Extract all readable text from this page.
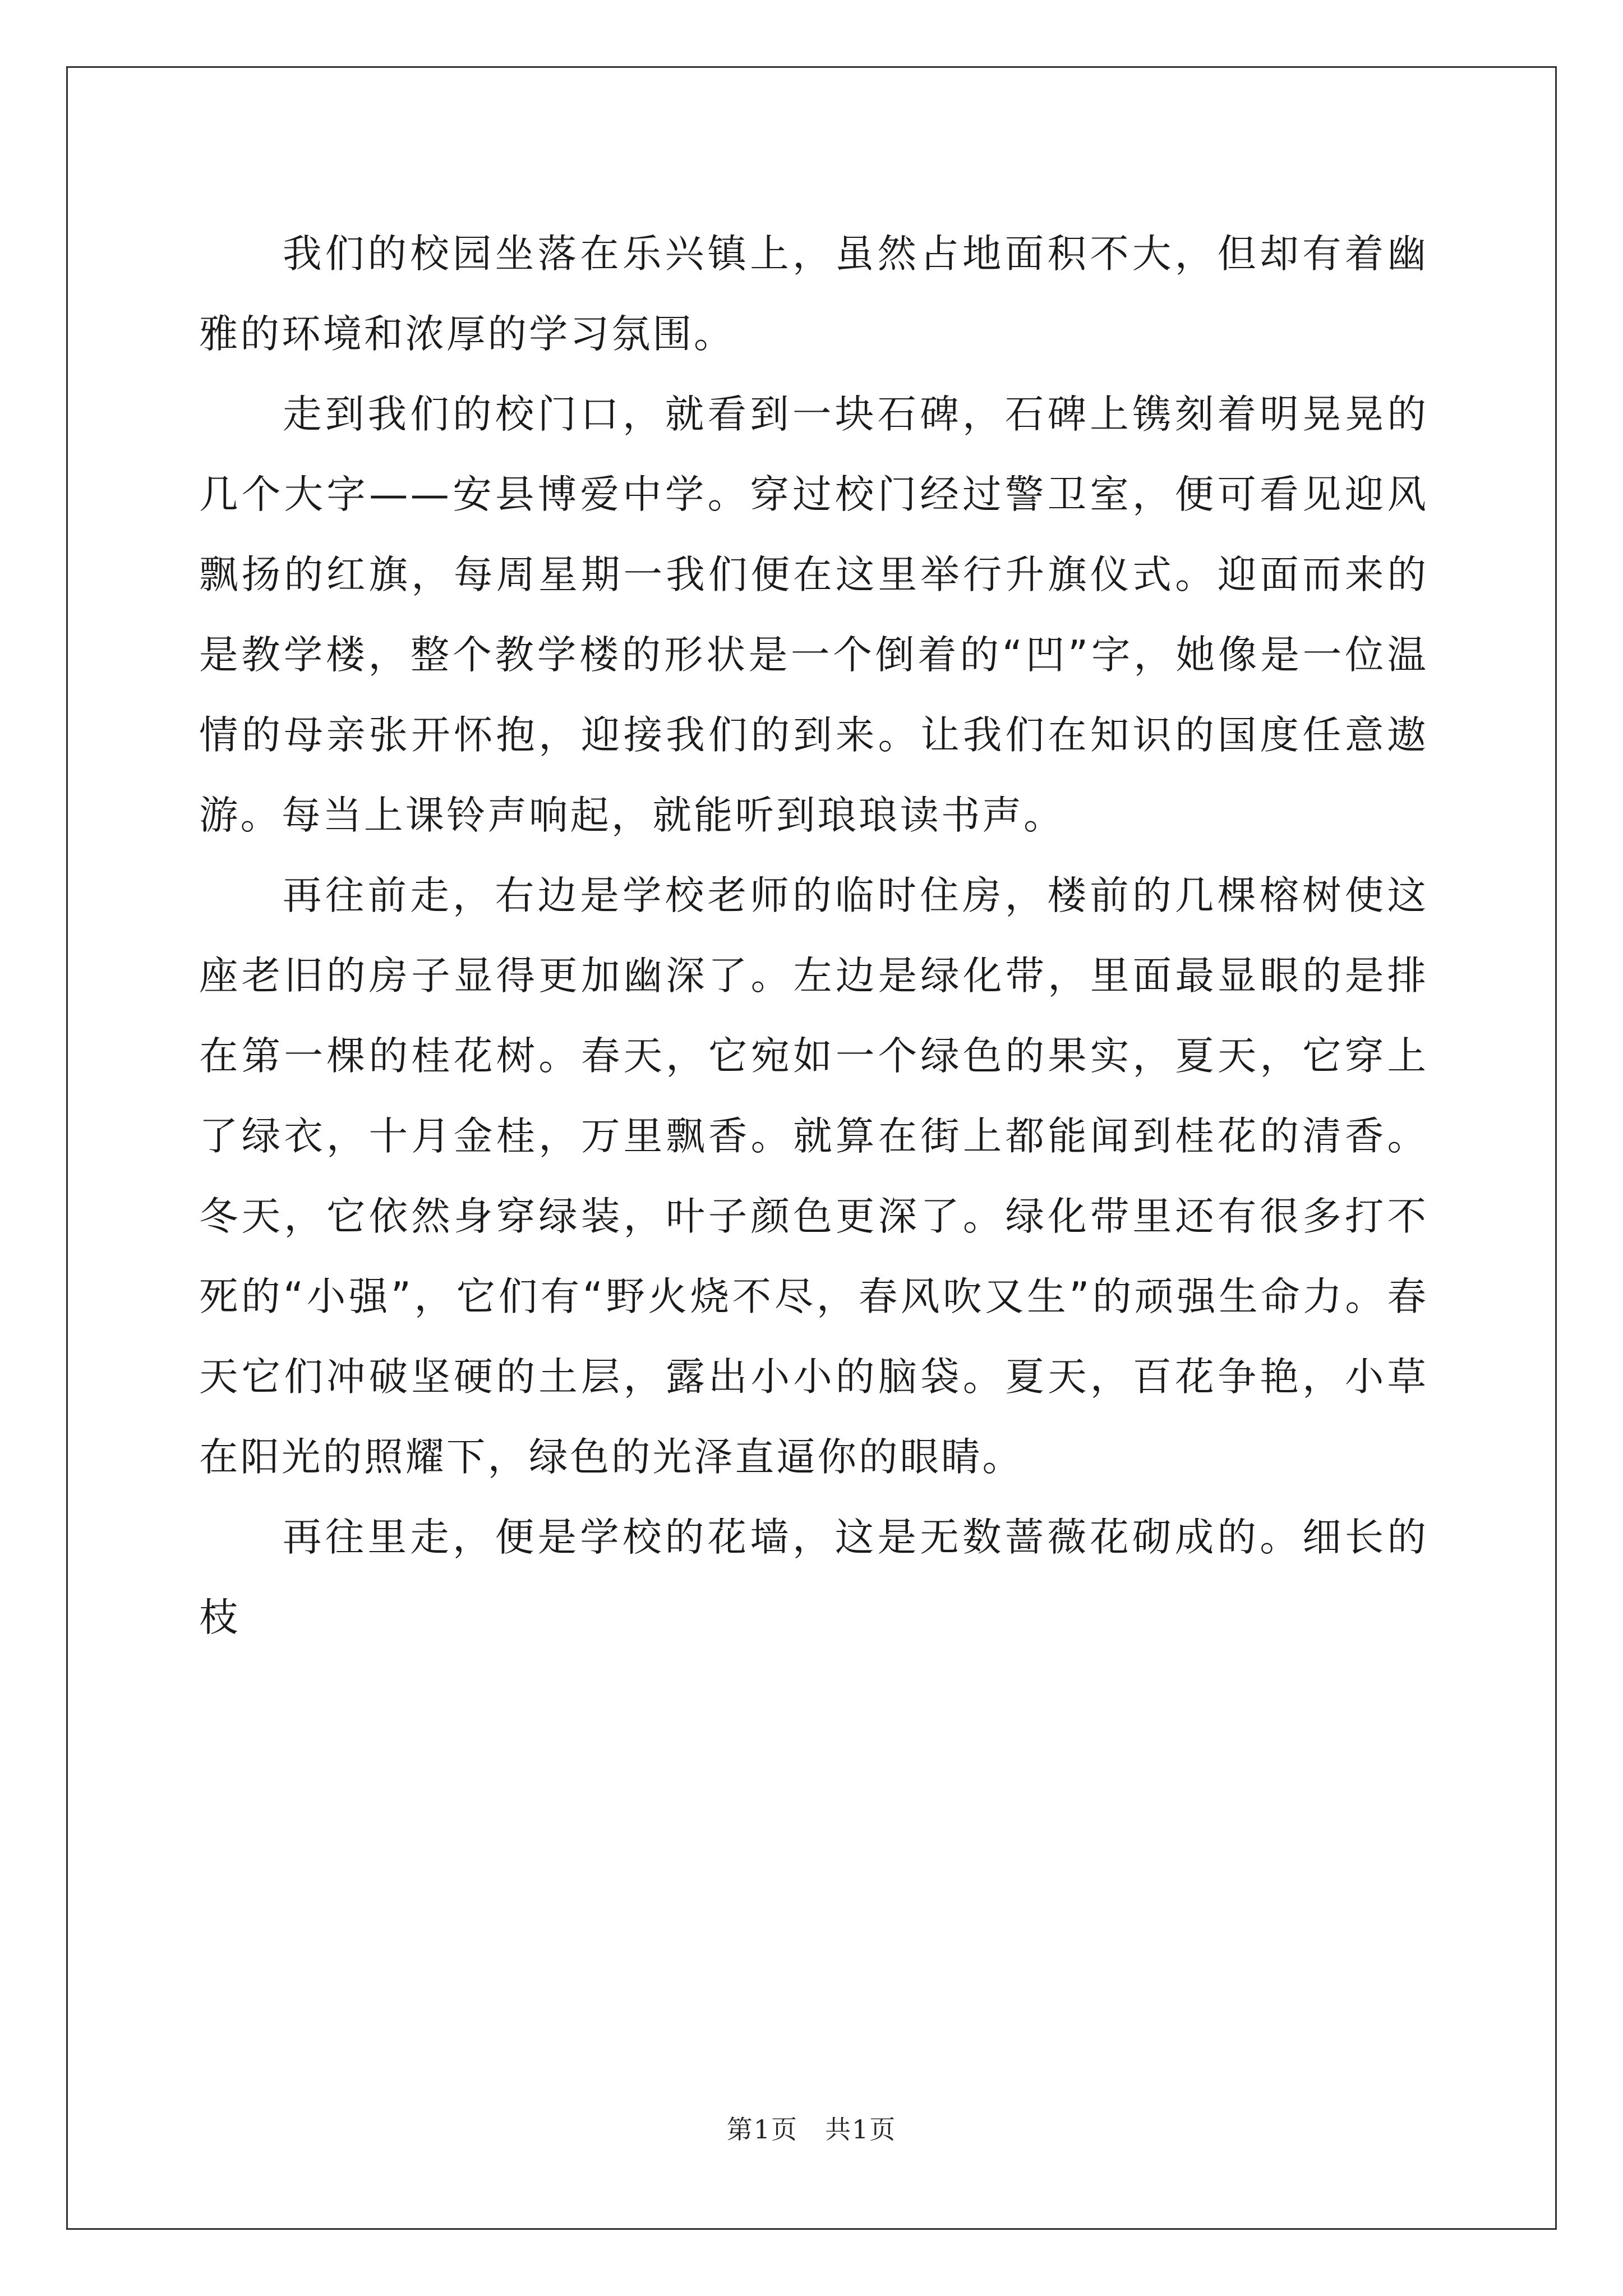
我们的校园坐落在乐兴镇上，虽然占地面积不大，但却有着幽雅的环境和浓厚的学习氛围。

走到我们的校门口，就看到一块石碑，石碑上镌刻着明晃晃的几个大字——安县博爱中学。穿过校门经过警卫室，便可看见迎风飘扬的红旗，每周星期一我们便在这里举行升旗仪式。迎面而来的是教学楼，整个教学楼的形状是一个倒着的“凹”字，她像是一位温情的母亲张开怀抱，迎接我们的到来。让我们在知识的国度任意遨游。每当上课铃声响起，就能听到琅琅读书声。

再往前走，右边是学校老师的临时住房，楼前的几棵榕树使这座老旧的房子显得更加幽深了。左边是绿化带，里面最显眼的是排在第一棵的桂花树。春天，它宛如一个绿色的果实，夏天，它穿上了绿衣，十月金桂，万里飘香。就算在街上都能闻到桂花的清香。冬天，它依然身穿绿装，叶子颜色更深了。绿化带里还有很多打不死的“小强”，它们有“野火烧不尽，春风吹又生”的顽强生命力。春天它们冲破坚硬的土层，露出小小的脑袋。夏天，百花争艳，小草在阳光的照耀下，绿色的光泽直逼你的眼睛。

再往里走，便是学校的花墙，这是无数蔷薇花砌成的。细长的枝

第1页 共1页
